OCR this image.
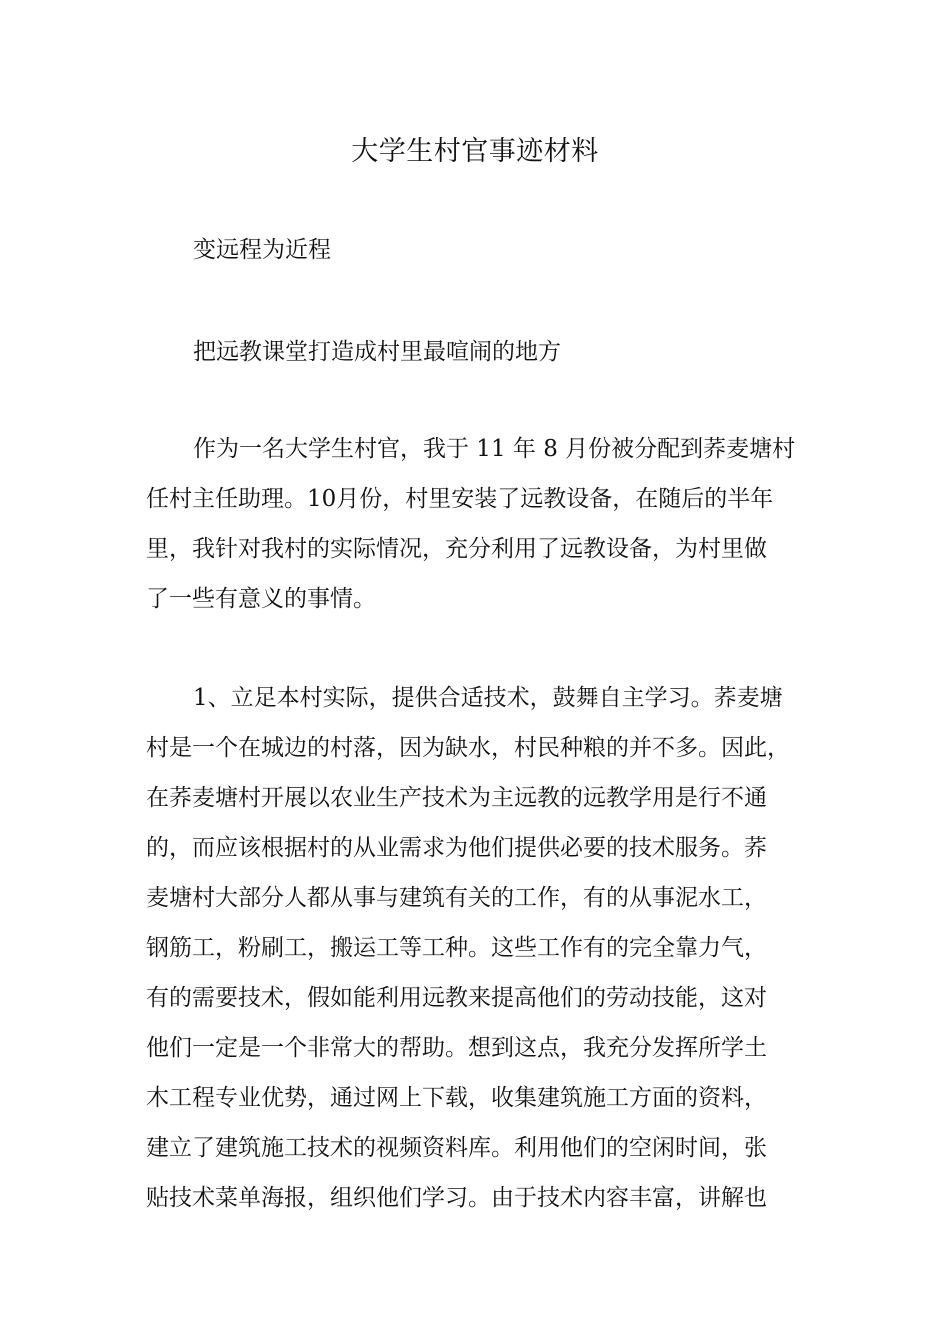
大学生村官事迹材料

变远程为近程

把远教课堂打造成村里最喧闹的地方

作为一名大学生村官，我于 11 年 8 月份被分配到荞麦塘村

任村主任助理。10月份，村里安装了远教设备，在随后的半年

里，我针对我村的实际情况，充分利用了远教设备，为村里做

了一些有意义的事情。

1、立足本村实际，提供合适技术，鼓舞自主学习。荞麦塘

村是一个在城边的村落，因为缺水，村民种粮的并不多。因此，

在荞麦塘村开展以农业生产技术为主远教的远教学用是行不通

的，而应该根据村的从业需求为他们提供必要的技术服务。荞

麦塘村大部分人都从事与建筑有关的工作，有的从事泥水工，

钢筋工，粉刷工，搬运工等工种。这些工作有的完全靠力气，

有的需要技术，假如能利用远教来提高他们的劳动技能，这对

他们一定是一个非常大的帮助。想到这点，我充分发挥所学土

木工程专业优势，通过网上下载，收集建筑施工方面的资料，

建立了建筑施工技术的视频资料库。利用他们的空闲时间，张

贴技术菜单海报，组织他们学习。由于技术内容丰富，讲解也
